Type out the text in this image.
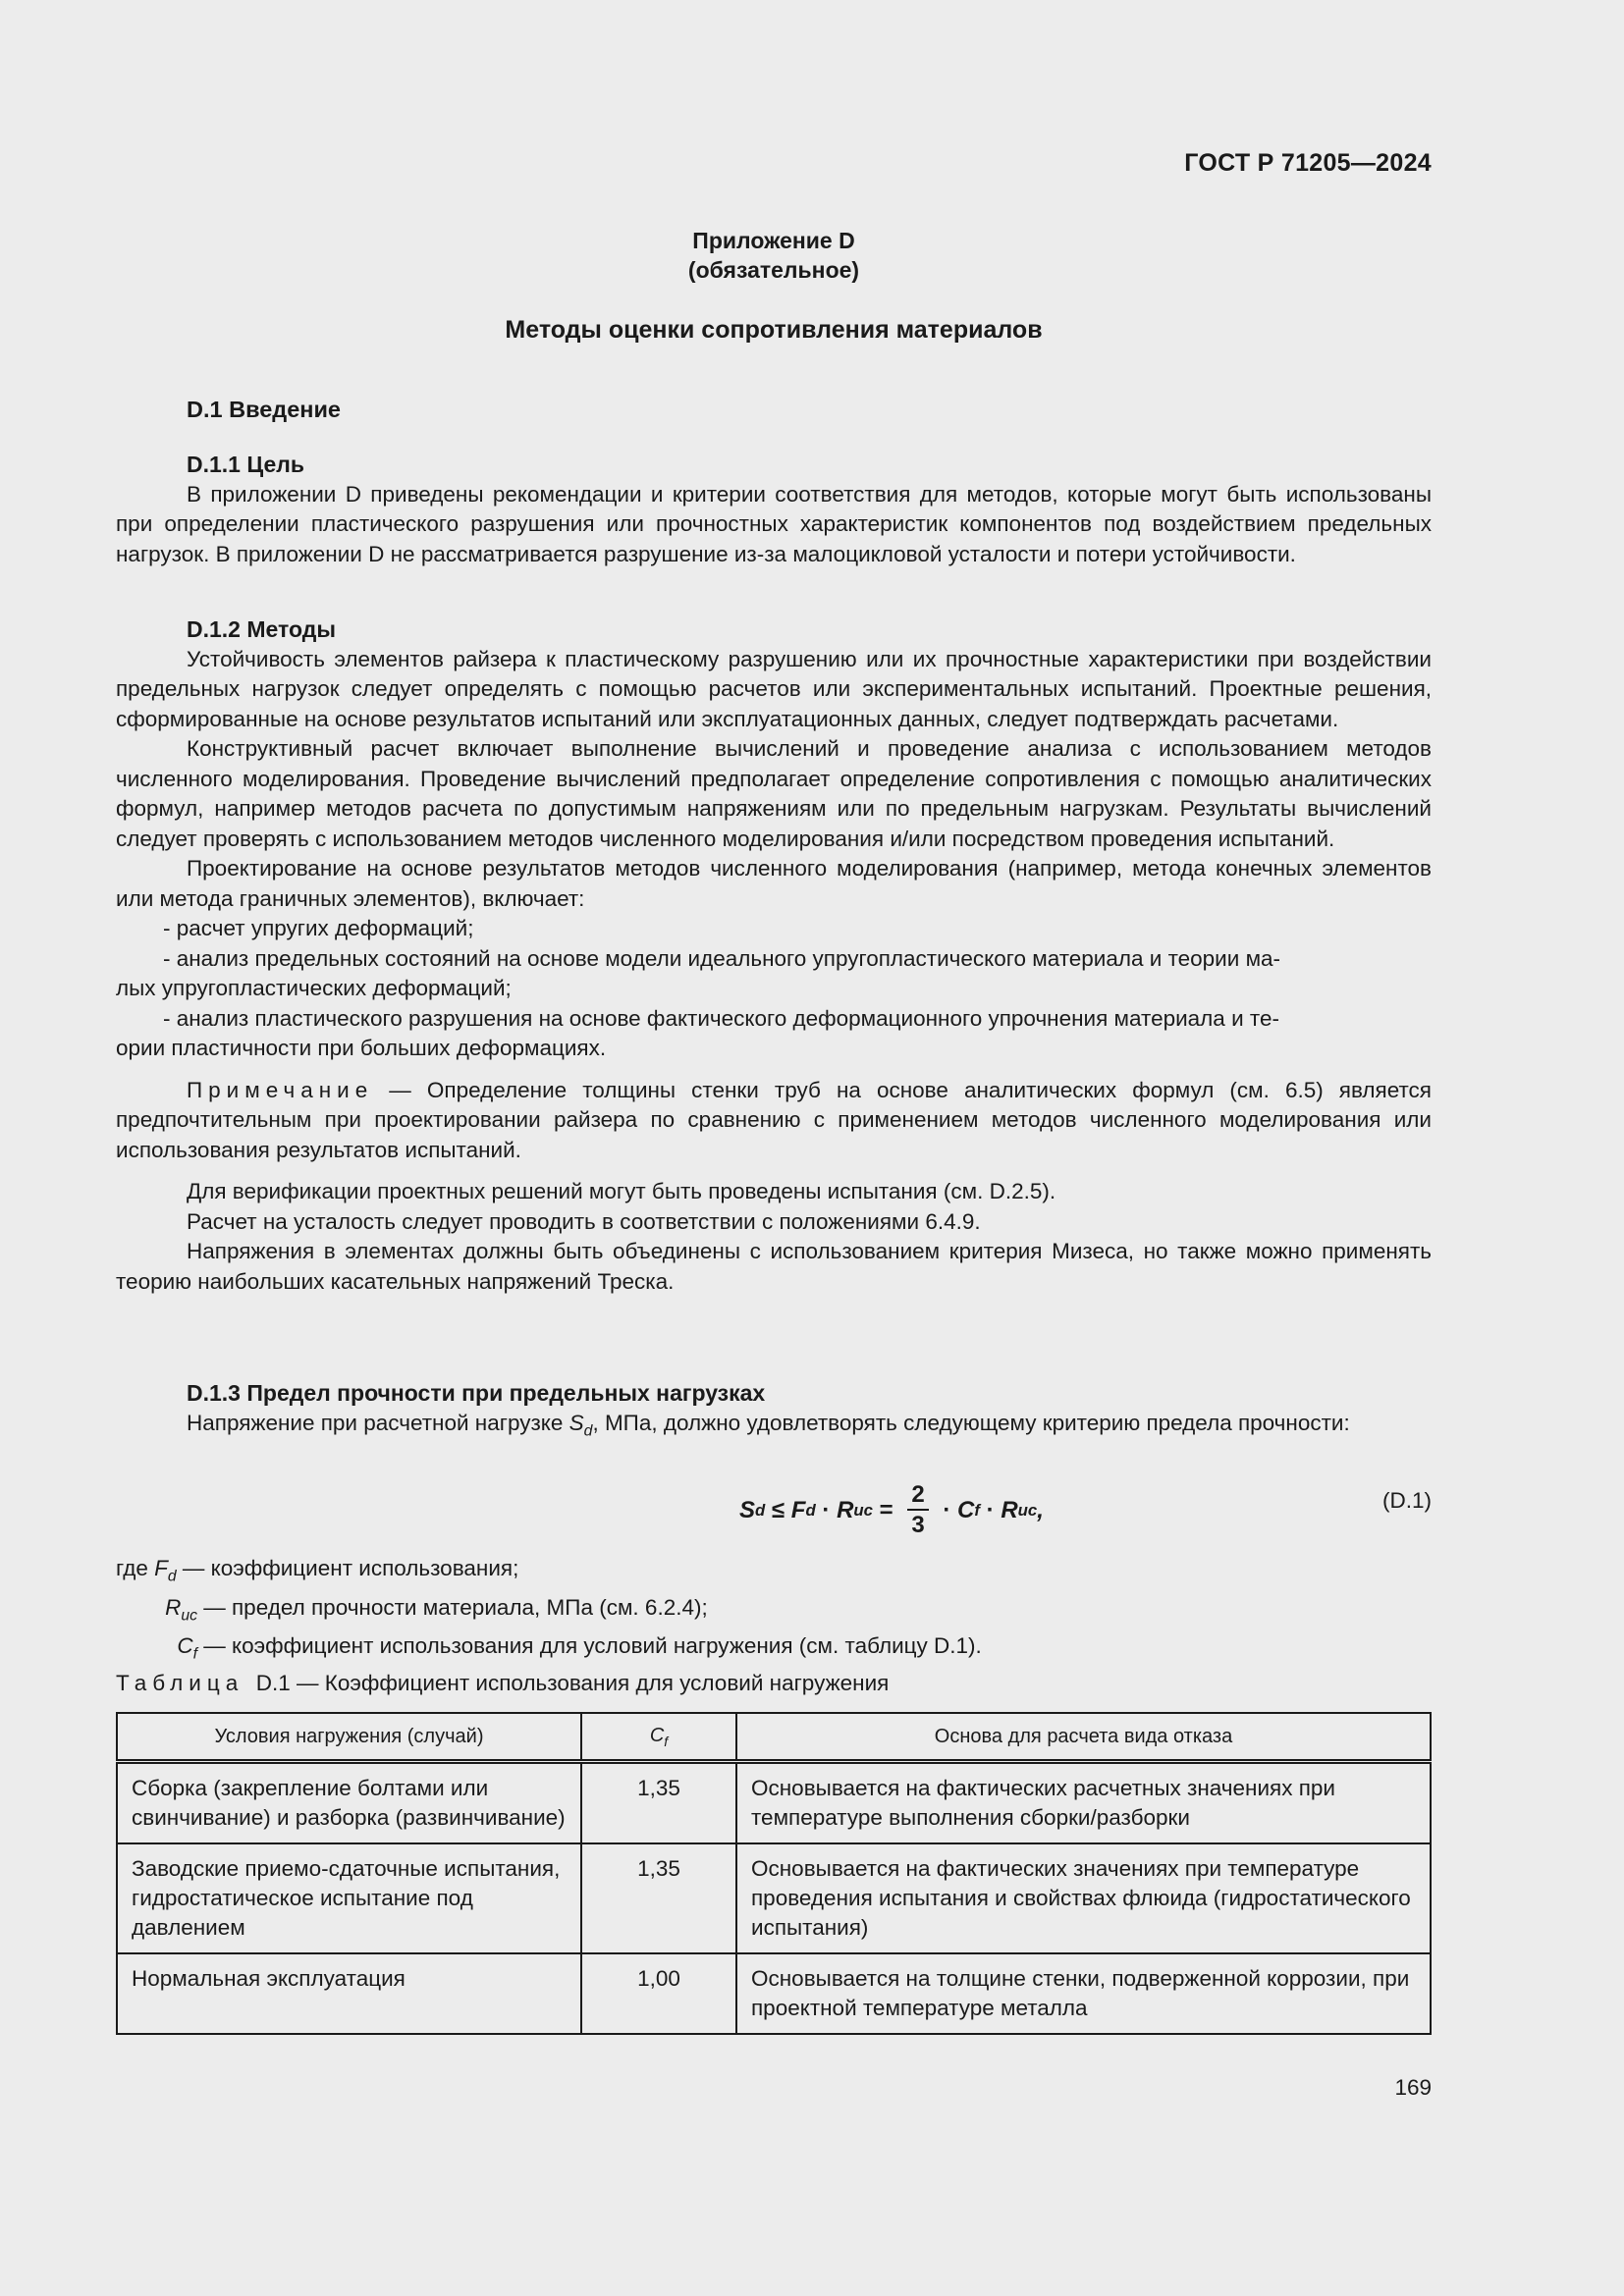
ГОСТ Р 71205—2024
Приложение D
(обязательное)
Методы оценки сопротивления материалов
D.1 Введение
D.1.1 Цель
В приложении D приведены рекомендации и критерии соответствия для методов, которые могут быть использованы при определении пластического разрушения или прочностных характеристик компонентов под воздействием предельных нагрузок. В приложении D не рассматривается разрушение из-за малоцикловой усталости и потери устойчивости.
D.1.2 Методы
Устойчивость элементов райзера к пластическому разрушению или их прочностные характеристики при воздействии предельных нагрузок следует определять с помощью расчетов или экспериментальных испытаний. Проектные решения, сформированные на основе результатов испытаний или эксплуатационных данных, следует подтверждать расчетами.
Конструктивный расчет включает выполнение вычислений и проведение анализа с использованием методов численного моделирования. Проведение вычислений предполагает определение сопротивления с помощью аналитических формул, например методов расчета по допустимым напряжениям или по предельным нагрузкам. Результаты вычислений следует проверять с использованием методов численного моделирования и/или посредством проведения испытаний.
Проектирование на основе результатов методов численного моделирования (например, метода конечных элементов или метода граничных элементов), включает:
- расчет упругих деформаций;
- анализ предельных состояний на основе модели идеального упругопластического материала и теории ма-
лых упругопластических деформаций;
- анализ пластического разрушения на основе фактического деформационного упрочнения материала и те-
ории пластичности при больших деформациях.
Примечание — Определение толщины стенки труб на основе аналитических формул (см. 6.5) является предпочтительным при проектировании райзера по сравнению с применением методов численного моделирования или использования результатов испытаний.
Для верификации проектных решений могут быть проведены испытания (см. D.2.5).
Расчет на усталость следует проводить в соответствии с положениями 6.4.9.
Напряжения в элементах должны быть объединены с использованием критерия Мизеса, но также можно применять теорию наибольших касательных напряжений Треска.
D.1.3 Предел прочности при предельных нагрузках
Напряжение при расчетной нагрузке $S_d$, МПа, должно удовлетворять следующему критерию предела прочности:
S d ≤ F d · R uc = $\frac{2}{3} \cdot C$ f · R uc ,	(D.1)
где $F_d$ — коэффициент использования;
$R_{uc}$ — предел прочности материала, МПа (см. 6.2.4);
$C_f$ — коэффициент использования для условий нагружения (см. таблицу D.1).
Таблица  D.1 — Коэффициент использования для условий нагружения
Условия нагружения (случай)	$C_f$	Основа для расчета вида отказа
Сборка (закрепление болтами или свинчивание) и разборка (развинчивание)	1,35	Основывается на фактических расчетных значениях при температуре выполнения сборки/разборки
Заводские приемо-сдаточные испытания, гидростатическое испытание под давлением	1,35	Основывается на фактических значениях при температуре проведения испытания и свойствах флюида (гидростатического испытания)
Нормальная эксплуатация	1,00	Основывается на толщине стенки, подверженной коррозии, при проектной температуре металла
169
